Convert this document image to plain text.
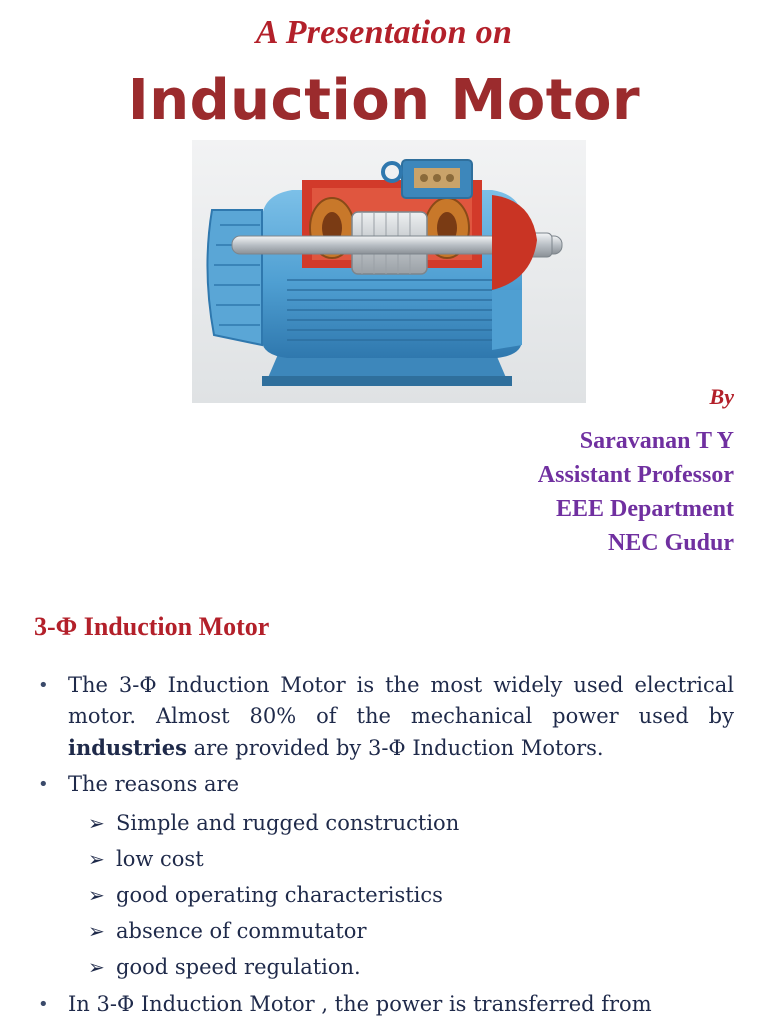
A Presentation on
Induction Motor
By
Saravanan T Y
Assistant Professor
EEE Department
NEC Gudur
3-Φ Induction Motor
• The 3-Φ Induction Motor is the most widely used electrical motor. Almost 80% of the mechanical power used by industries are provided by 3-Φ Induction Motors.
• The reasons are
➢ Simple and rugged construction
➢ low cost
➢ good operating characteristics
➢ absence of commutator
➢ good speed regulation.
• In 3-Φ Induction Motor , the power is transferred from
